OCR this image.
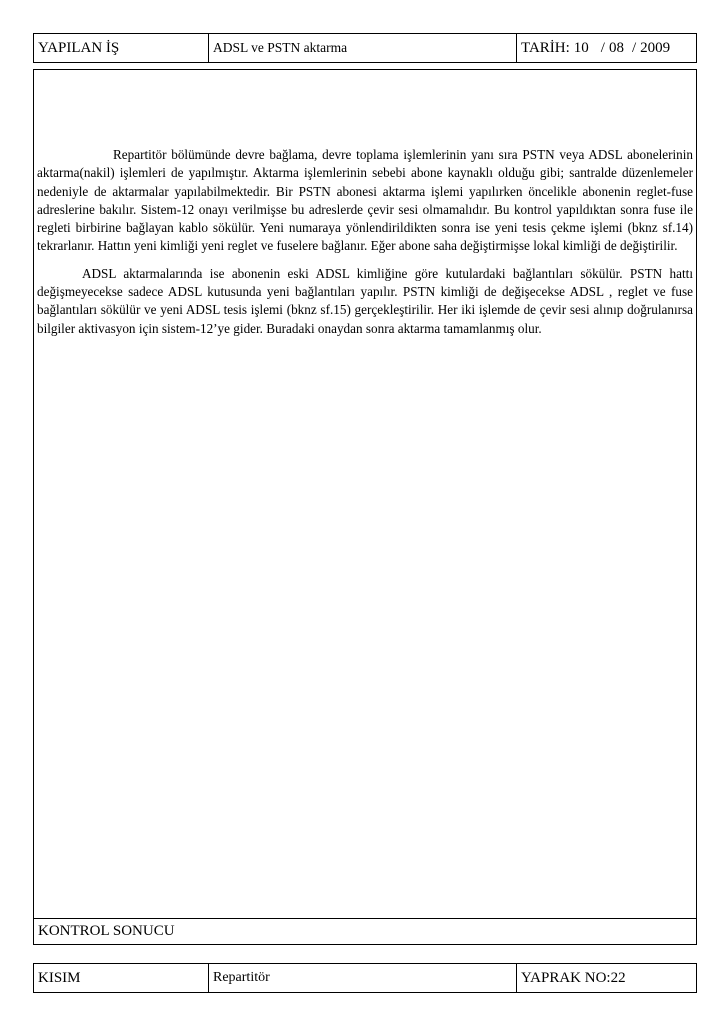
YAPILAN İŞ	ADSL ve PSTN aktarma	TARİH: 10 / 08 / 2009

Repartitör bölümünde devre bağlama, devre toplama işlemlerinin yanı sıra PSTN veya ADSL abonelerinin aktarma(nakil) işlemleri de yapılmıştır. Aktarma işlemlerinin sebebi abone kaynaklı olduğu gibi; santralde düzenlemeler nedeniyle de aktarmalar yapılabilmektedir. Bir PSTN abonesi aktarma işlemi yapılırken öncelikle abonenin reglet-fuse adreslerine bakılır. Sistem-12 onayı verilmişse bu adreslerde çevir sesi olmamalıdır. Bu kontrol yapıldıktan sonra fuse ile regleti birbirine bağlayan kablo sökülür. Yeni numaraya yönlendirildikten sonra ise yeni tesis çekme işlemi (bknz sf.14) tekrarlanır. Hattın yeni kimliği yeni reglet ve fuselere bağlanır. Eğer abone saha değiştirmişse lokal kimliği de değiştirilir.

ADSL aktarmalarında ise abonenin eski ADSL kimliğine göre kutulardaki bağlantıları sökülür. PSTN hattı değişmeyecekse sadece ADSL kutusunda yeni bağlantıları yapılır. PSTN kimliği de değişecekse ADSL , reglet ve fuse bağlantıları sökülür ve yeni ADSL tesis işlemi (bknz sf.15) gerçekleştirilir. Her iki işlemde de çevir sesi alınıp doğrulanırsa bilgiler aktivasyon için sistem-12’ye gider. Buradaki onaydan sonra aktarma tamamlanmış olur.

KONTROL SONUCU
KISIM	Repartitör	YAPRAK NO:22
